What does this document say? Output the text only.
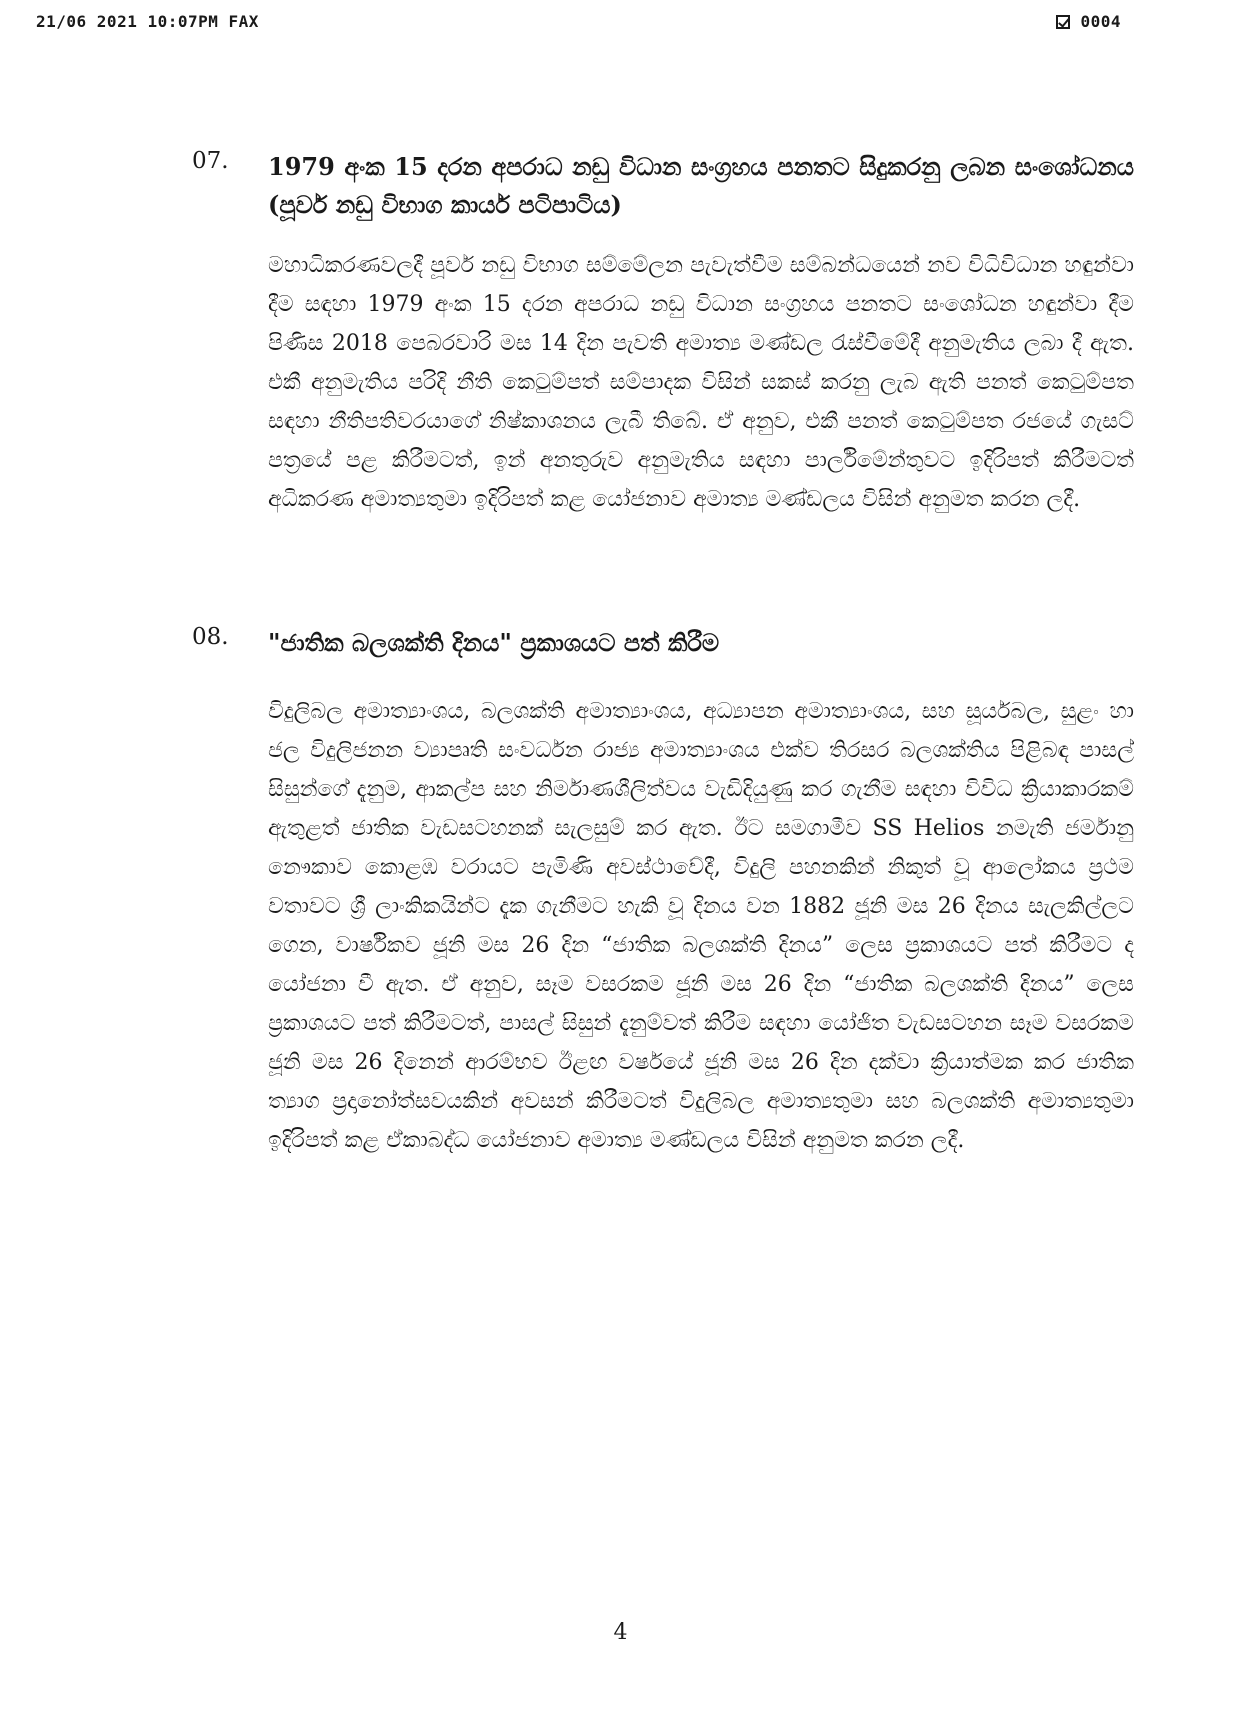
21/06 2021 10:07PM FAX	0004
07. 1979 අංක 15 දරන අපරාධ නඩු විධාන සංග්‍රහය පනතට සිදුකරනු ලබන සංශෝධනය (පූර්ව නඩු විභාග කාර්ය පටිපාටිය)
මහාධිකරණවලදී පූර්ව නඩු විභාග සම්මේලන පැවැත්වීම සම්බන්ධයෙන් නව විධිවිධාන හඳුන්වා දීම සඳහා 1979 අංක 15 දරන අපරාධ නඩු විධාන සංග්‍රහය පනතට සංශෝධන හඳුන්වා දීම පිණිස 2018 පෙබරවාරි මස 14 දින පැවති අමාත්‍ය මණ්ඩල රැස්වීමේදී අනුමැතිය ලබා දී ඇත. එකී අනුමැතිය පරිදි නීති කෙටුම්පත් සම්පාදක විසින් සකස් කරනු ලැබ ඇති පනත් කෙටුම්පත සඳහා නීතිපතිවරයාගේ නිෂ්කාශනය ලැබී තිබේ. ඒ අනුව, එකී පනත් කෙටුම්පත රජයේ ගැසට් පත්‍රයේ පළ කිරීමටත්, ඉන් අනතුරුව අනුමැතිය සඳහා පාර්ලිමේන්තුවට ඉදිරිපත් කිරීමටත් අධිකරණ අමාත්‍යතුමා ඉදිරිපත් කළ යෝජනාව අමාත්‍ය මණ්ඩලය විසින් අනුමත කරන ලදී.
08. "ජාතික බලශක්ති දිනය" ප්‍රකාශයට පත් කිරීම
විදුලිබල අමාත්‍යාංශය, බලශක්ති අමාත්‍යාංශය, අධ්‍යාපන අමාත්‍යාංශය, සහ සූර්යබල, සුළං හා ජල විදුලිජනන ව්‍යාපෘති සංවර්ධන රාජ්‍ය අමාත්‍යාංශය එක්ව තිරසර බලශක්තිය පිළිබඳ පාසල් සිසුන්ගේ දැනුම, ආකල්ප සහ නිර්මාණශීලිත්වය වැඩිදියුණු කර ගැනීම සඳහා විවිධ ක්‍රියාකාරකම් ඇතුළත් ජාතික වැඩසටහනක් සැලසුම් කර ඇත. ඊට සමගාමීව SS Helios නමැති ජර්මානු නෞකාව කොළඹ වරායට පැමිණි අවස්ථාවේදී, විදුලි පහනකින් නිකුත් වූ ආලෝකය ප්‍රථම වතාවට ශ්‍රී ලාංකිකයින්ට දැක ගැනීමට හැකි වූ දිනය වන 1882 ජූනි මස 26 දිනය සැලකිල්ලට ගෙන, වාර්ෂිකව ජූනි මස 26 දින “ජාතික බලශක්ති දිනය” ලෙස ප්‍රකාශයට පත් කිරීමට ද යෝජනා වී ඇත. ඒ අනුව, සෑම වසරකම ජූනි මස 26 දින “ජාතික බලශක්ති දිනය” ලෙස ප්‍රකාශයට පත් කිරීමටත්, පාසල් සිසුන් දැනුම්වත් කිරීම සඳහා යෝජිත වැඩසටහන සෑම වසරකම ජූනි මස 26 දිනෙන් ආරම්භව ඊළඟ වර්ෂයේ ජූනි මස 26 දින දක්වා ක්‍රියාත්මක කර ජාතික ත්‍යාග ප්‍රදානෝත්සවයකින් අවසන් කිරීමටත් විදුලිබල අමාත්‍යතුමා සහ බලශක්ති අමාත්‍යතුමා ඉදිරිපත් කළ ඒකාබද්ධ යෝජනාව අමාත්‍ය මණ්ඩලය විසින් අනුමත කරන ලදී.
4
